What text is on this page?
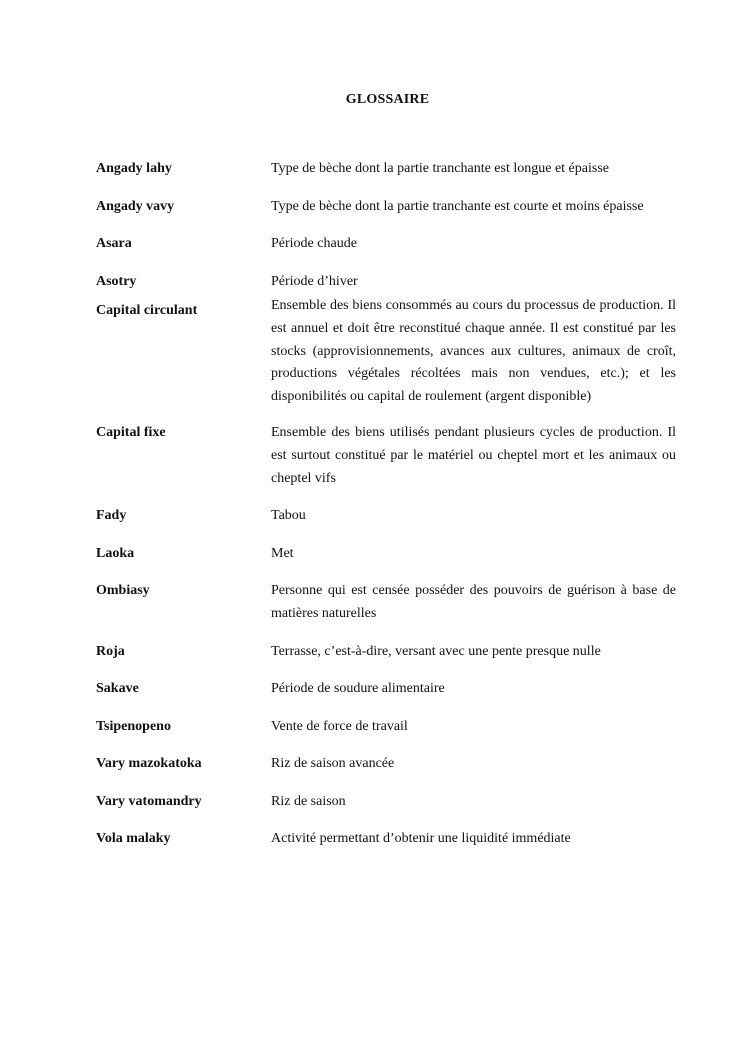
GLOSSAIRE
Angady lahy	Type de bèche dont la partie tranchante est longue et épaisse
Angady vavy	Type de bèche dont la partie tranchante est courte et moins épaisse
Asara	Période chaude
Asotry	Période d’hiver
Capital circulant	Ensemble des biens consommés au cours du processus de production. Il est annuel et doit être reconstitué chaque année. Il est constitué par les stocks (approvisionnements, avances aux cultures, animaux de croît, productions végétales récoltées mais non vendues, etc.); et les disponibilités ou capital de roulement (argent disponible)
Capital fixe	Ensemble des biens utilisés pendant plusieurs cycles de production. Il est surtout constitué par le matériel ou cheptel mort et les animaux ou cheptel vifs
Fady	Tabou
Laoka	Met
Ombiasy	Personne qui est censée posséder des pouvoirs de guérison à base de matières naturelles
Roja	Terrasse, c’est-à-dire, versant avec une pente presque nulle
Sakave	Période de soudure alimentaire
Tsipenopeno	Vente de force de travail
Vary mazokatoka	Riz de saison avancée
Vary vatomandry	Riz de saison
Vola malaky	Activité permettant d’obtenir une liquidité immédiate
